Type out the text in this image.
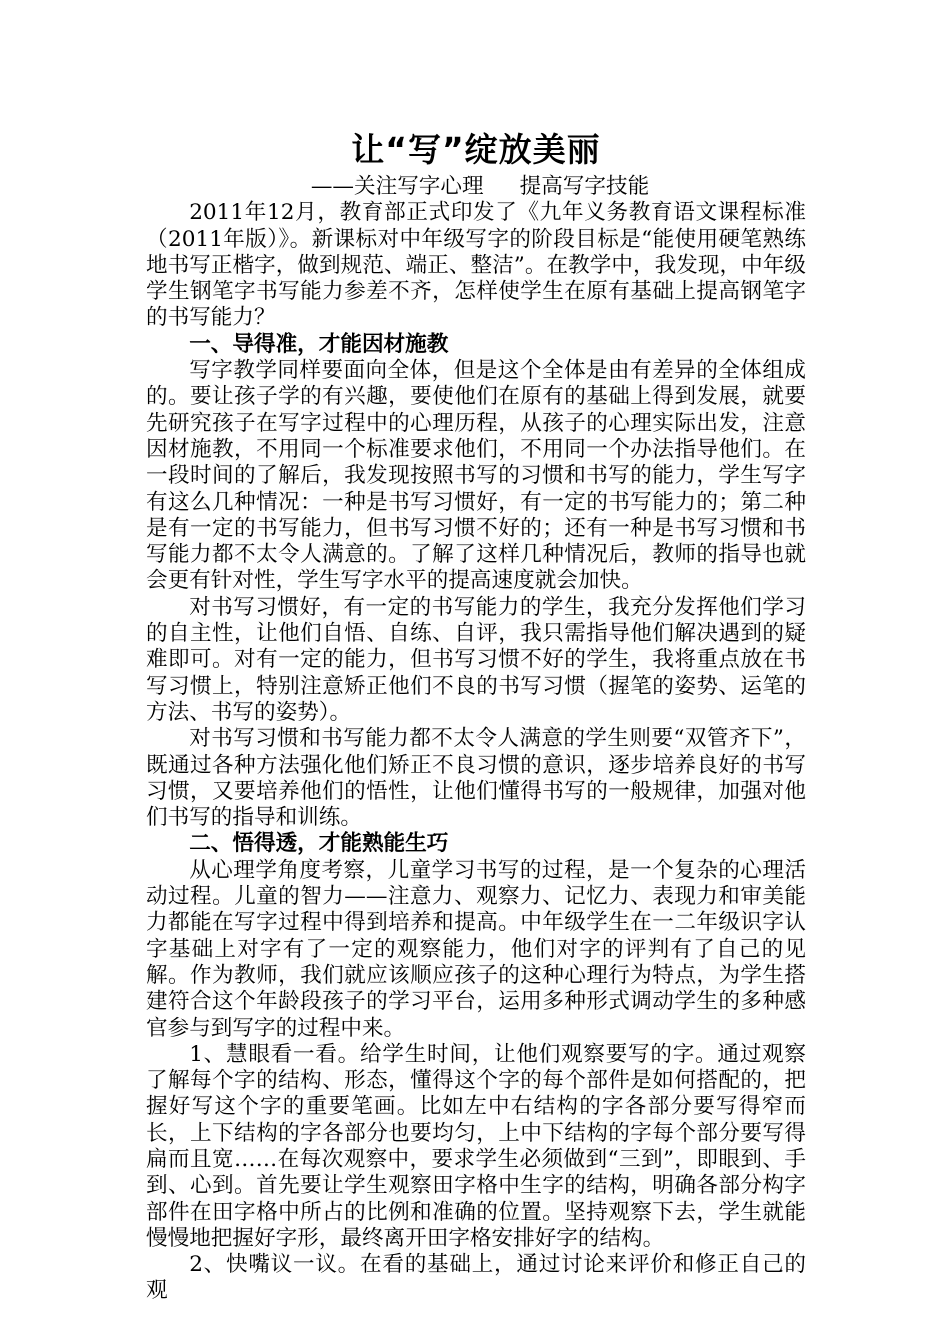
让“写”绽放美丽
——关注写字心理 提高写字技能

2011年12月，教育部正式印发了《九年义务教育语文课程标准（2011年版）》。新课标对中年级写字的阶段目标是“能使用硬笔熟练地书写正楷字，做到规范、端正、整洁”。在教学中，我发现，中年级学生钢笔字书写能力参差不齐，怎样使学生在原有基础上提高钢笔字的书写能力？

一、导得准，才能因材施教

写字教学同样要面向全体，但是这个全体是由有差异的全体组成的。要让孩子学的有兴趣，要使他们在原有的基础上得到发展，就要先研究孩子在写字过程中的心理历程，从孩子的心理实际出发，注意因材施教，不用同一个标准要求他们，不用同一个办法指导他们。在一段时间的了解后，我发现按照书写的习惯和书写的能力，学生写字有这么几种情况：一种是书写习惯好，有一定的书写能力的；第二种是有一定的书写能力，但书写习惯不好的；还有一种是书写习惯和书写能力都不太令人满意的。了解了这样几种情况后，教师的指导也就会更有针对性，学生写字水平的提高速度就会加快。

对书写习惯好，有一定的书写能力的学生，我充分发挥他们学习的自主性，让他们自悟、自练、自评，我只需指导他们解决遇到的疑难即可。对有一定的能力，但书写习惯不好的学生，我将重点放在书写习惯上，特别注意矫正他们不良的书写习惯（握笔的姿势、运笔的方法、书写的姿势）。

对书写习惯和书写能力都不太令人满意的学生则要“双管齐下”，既通过各种方法强化他们矫正不良习惯的意识，逐步培养良好的书写习惯，又要培养他们的悟性，让他们懂得书写的一般规律，加强对他们书写的指导和训练。

二、悟得透，才能熟能生巧

从心理学角度考察，儿童学习书写的过程，是一个复杂的心理活动过程。儿童的智力——注意力、观察力、记忆力、表现力和审美能力都能在写字过程中得到培养和提高。中年级学生在一二年级识字认字基础上对字有了一定的观察能力，他们对字的评判有了自己的见解。作为教师，我们就应该顺应孩子的这种心理行为特点，为学生搭建符合这个年龄段孩子的学习平台，运用多种形式调动学生的多种感官参与到写字的过程中来。

1、慧眼看一看。给学生时间，让他们观察要写的字。通过观察了解每个字的结构、形态，懂得这个字的每个部件是如何搭配的，把握好写这个字的重要笔画。比如左中右结构的字各部分要写得窄而长，上下结构的字各部分也要均匀，上中下结构的字每个部分要写得扁而且宽……在每次观察中，要求学生必须做到“三到”，即眼到、手到、心到。首先要让学生观察田字格中生字的结构，明确各部分构字部件在田字格中所占的比例和准确的位置。坚持观察下去，学生就能慢慢地把握好字形，最终离开田字格安排好字的结构。

2、快嘴议一议。在看的基础上，通过讨论来评价和修正自己的观
